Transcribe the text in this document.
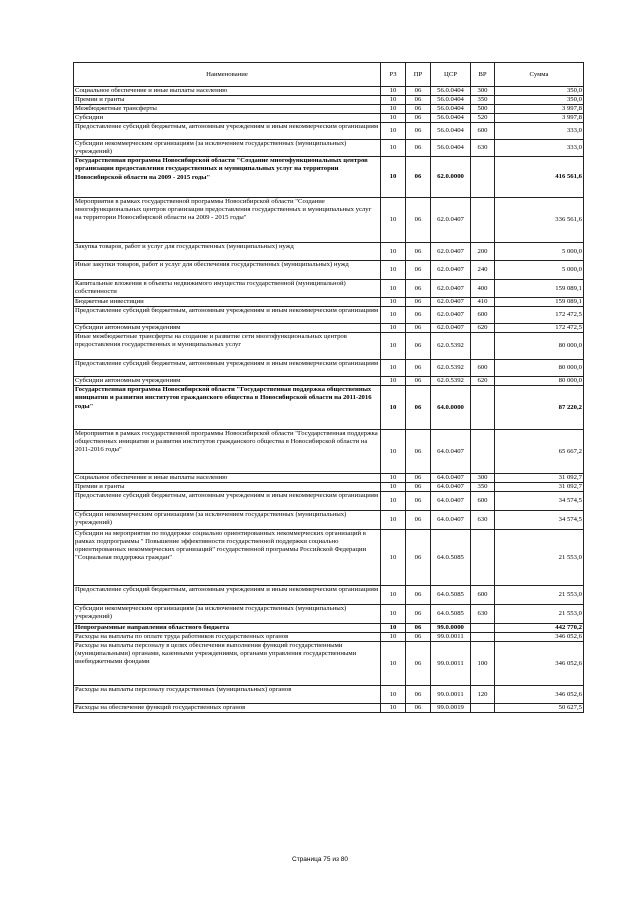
Наименование	РЗ	ПР	ЦСР	ВР	Сумма
Социальное обеспечение и иные выплаты населению	10	06	56.0.0404	300	350,0
Премии и гранты	10	06	56.0.0404	350	350,0
Межбюджетные трансферты	10	06	56.0.0404	500	3 997,8
Субсидии	10	06	56.0.0404	520	3 997,8
Предоставление субсидий бюджетным, автономным учреждениям и иным некоммерческим организациям	10	06	56.0.0404	600	333,0
Субсидии некоммерческим организациям (за исключением государственных (муниципальных) учреждений)	10	06	56.0.0404	630	333,0
Государственная программа Новосибирской области "Создание многофункциональных центров организации предоставления государственных и муниципальных услуг на территории Новосибирской области на 2009 - 2015 годы"	10	06	62.0.0000		416 561,6
Мероприятия в рамках государственной программы Новосибирской области "Создание многофункциональных центров организации предоставления государственных и муниципальных услуг на территории Новосибирской области на 2009 - 2015 годы"	10	06	62.0.0407		336 561,6
Закупка товаров, работ и услуг для государственных (муниципальных) нужд	10	06	62.0.0407	200	5 000,0
Иные закупки товаров, работ и услуг для обеспечения государственных (муниципальных) нужд	10	06	62.0.0407	240	5 000,0
Капитальные вложения в объекты недвижимого имущества государственной (муниципальной) собственности	10	06	62.0.0407	400	159 089,1
Бюджетные инвестиции	10	06	62.0.0407	410	159 089,1
Предоставление субсидий бюджетным, автономным учреждениям и иным некоммерческим организациям	10	06	62.0.0407	600	172 472,5
Субсидии автономным учреждениям	10	06	62.0.0407	620	172 472,5
Иные межбюджетные трансферты на создание и развитие сети многофункциональных центров предоставления государственных и муниципальных услуг	10	06	62.0.5392		80 000,0
Предоставление субсидий бюджетным, автономным учреждениям и иным некоммерческим организациям	10	06	62.0.5392	600	80 000,0
Субсидии автономным учреждениям	10	06	62.0.5392	620	80 000,0
Государственная программа Новосибирской области "Государственная поддержка общественных инициатив и развития институтов гражданского общества в Новосибирской области на 2011-2016 годы"	10	06	64.0.0000		87 220,2
Мероприятия в рамках государственной программы Новосибирской области "Государственная поддержка общественных инициатив и развития институтов гражданского общества в Новосибирской области на 2011-2016 годы"	10	06	64.0.0407		65 667,2
Социальное обеспечение и иные выплаты населению	10	06	64.0.0407	300	31 092,7
Премии и гранты	10	06	64.0.0407	350	31 092,7
Предоставление субсидий бюджетным, автономным учреждениям и иным некоммерческим организациям	10	06	64.0.0407	600	34 574,5
Субсидии некоммерческим организациям (за исключением государственных (муниципальных) учреждений)	10	06	64.0.0407	630	34 574,5
Субсидии на мероприятия по поддержке социально ориентированных некоммерческих организаций в рамках подпрограммы " Повышение эффективности государственной поддержки социально ориентированных некоммерческих организаций" государственной программы Российской Федерации "Социальная поддержка граждан"	10	06	64.0.5085		21 553,0
Предоставление субсидий бюджетным, автономным учреждениям и иным некоммерческим организациям	10	06	64.0.5085	600	21 553,0
Субсидии некоммерческим организациям (за исключением государственных (муниципальных) учреждений)	10	06	64.0.5085	630	21 553,0
Непрограммные направления областного бюджета	10	06	99.0.0000		442 770,2
Расходы на выплаты по оплате труда работников государственных органов	10	06	99.0.0011		346 052,6
Расходы на выплаты персоналу в целях обеспечения выполнения функций государственными (муниципальными) органами, казенными учреждениями, органами управления государственными внебюджетными фондами	10	06	99.0.0011	100	346 052,6
Расходы на выплаты персоналу государственных (муниципальных) органов	10	06	99.0.0011	120	346 052,6
Расходы на обеспечение функций государственных органов	10	06	99.0.0019		50 627,5
Страница 75 из 80
